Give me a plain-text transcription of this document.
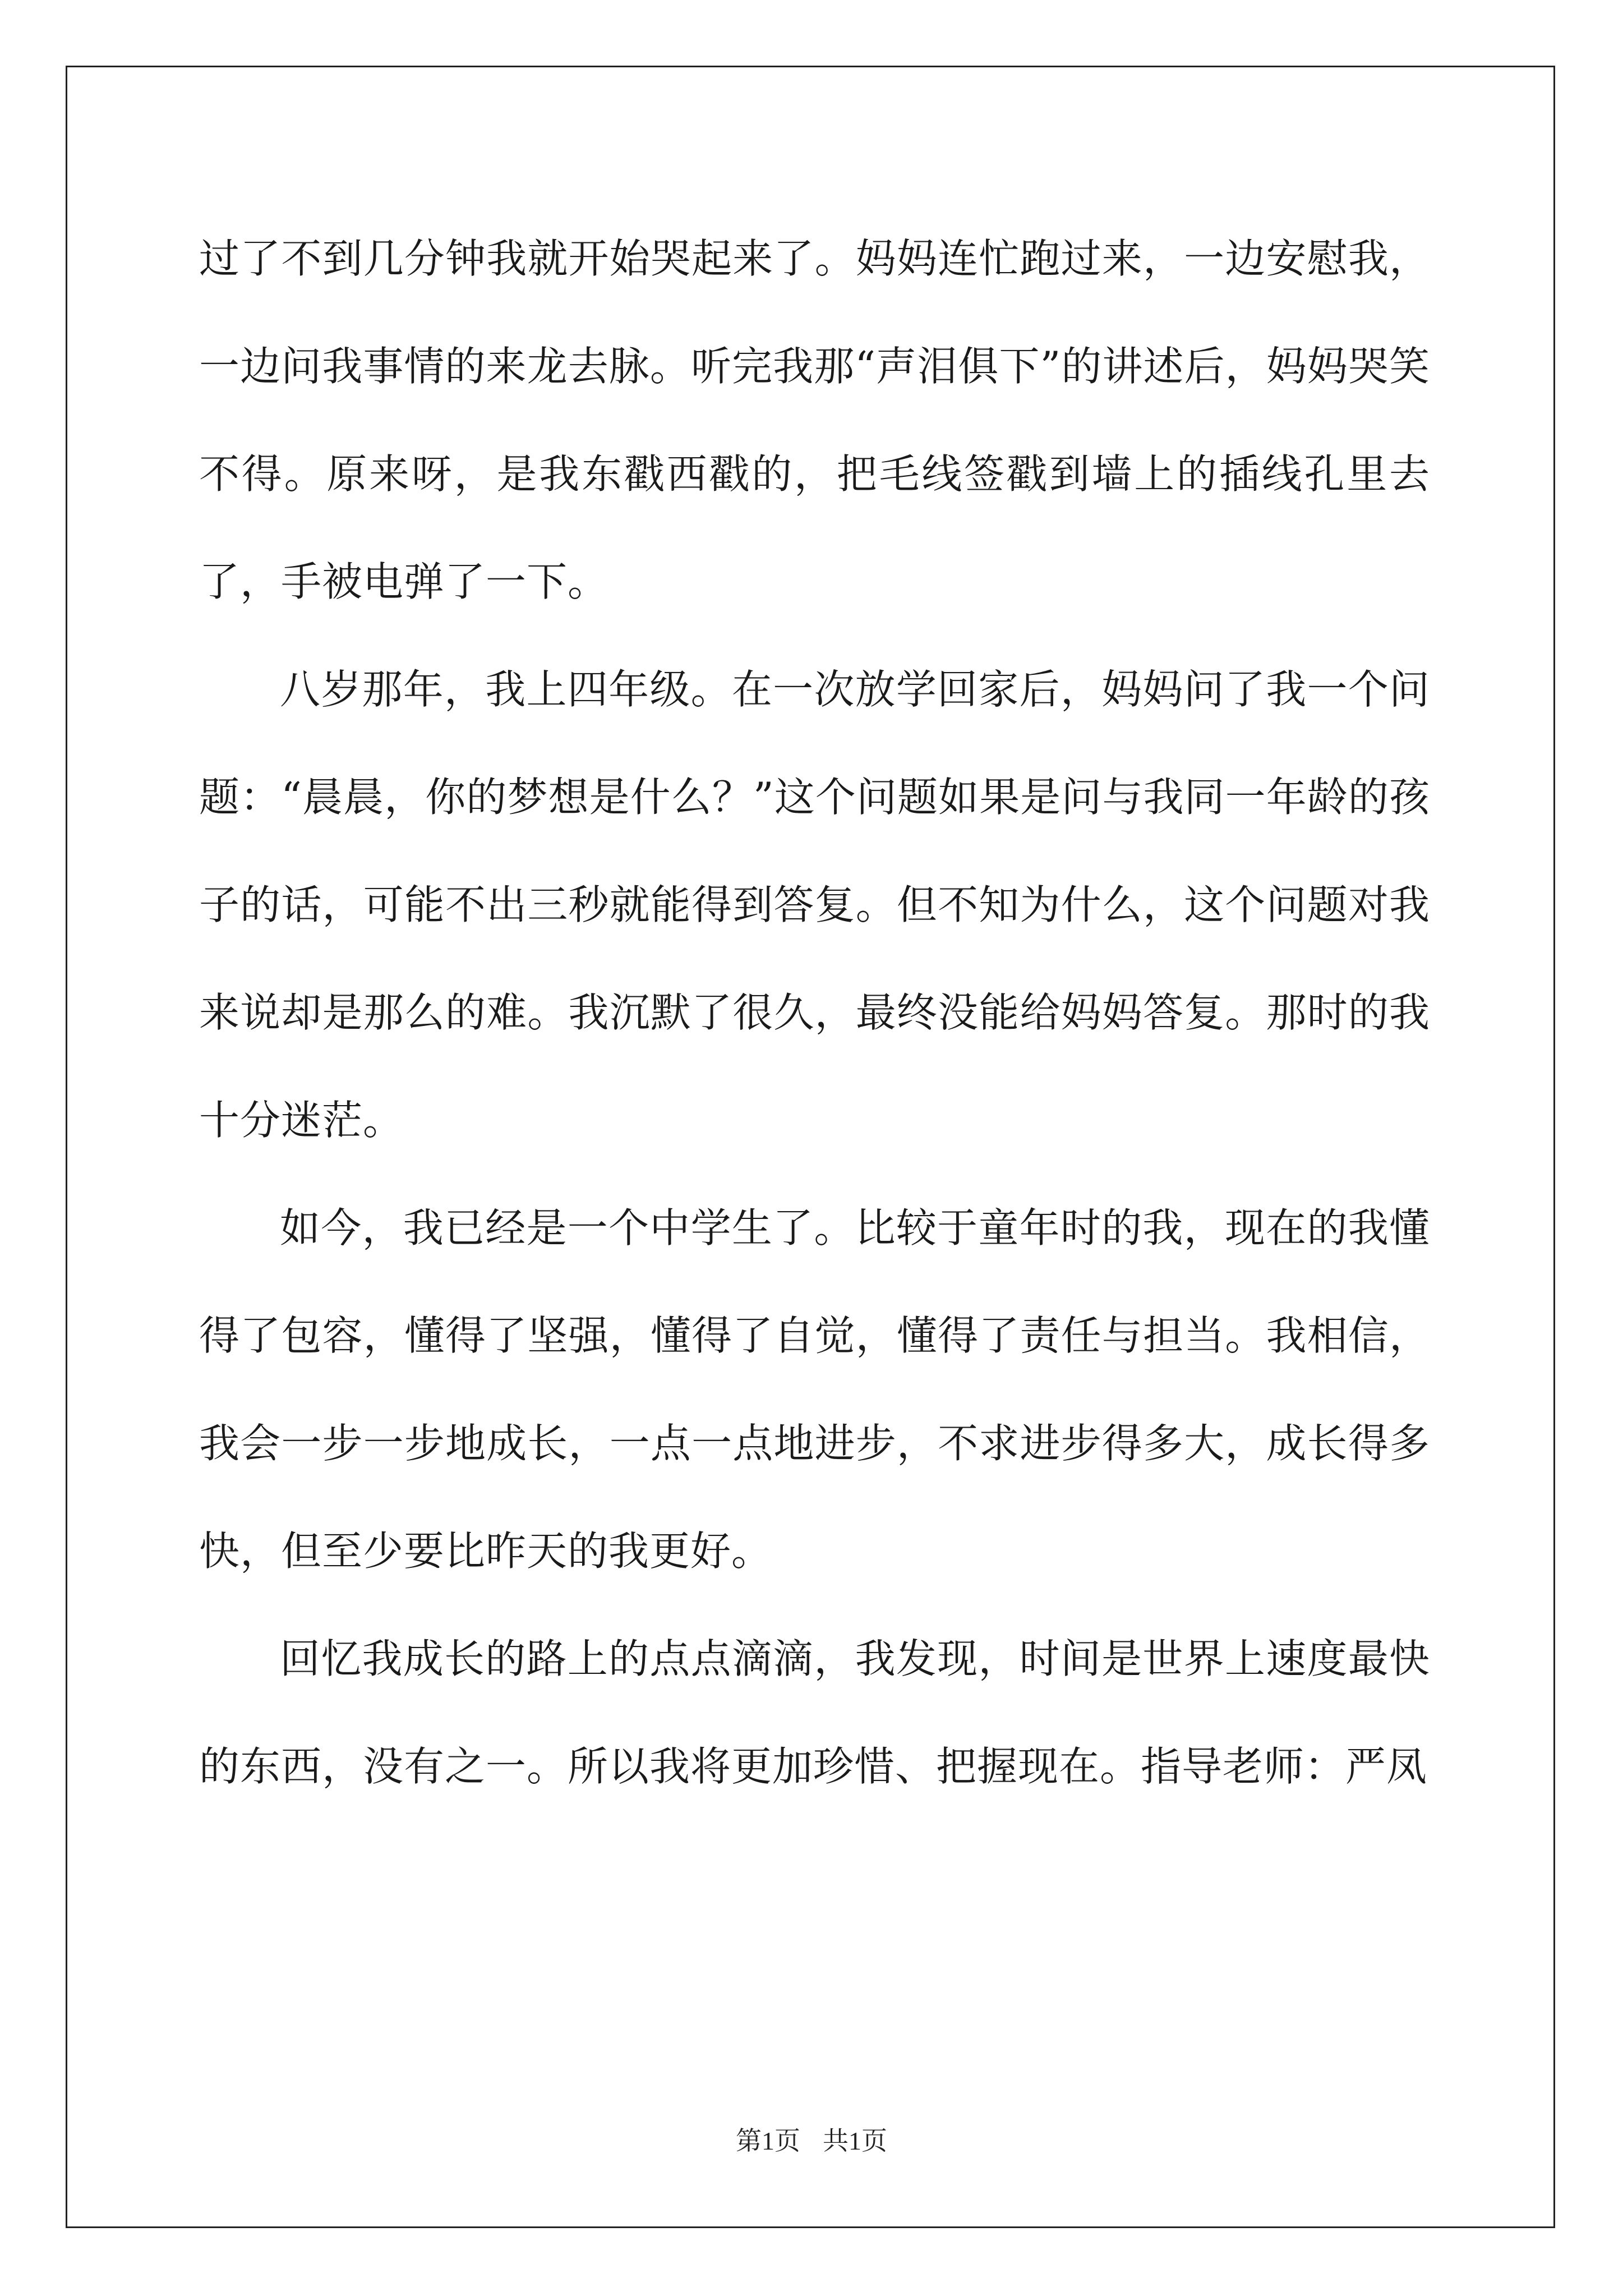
过了不到几分钟我就开始哭起来了。妈妈连忙跑过来，一边安慰我，一边问我事情的来龙去脉。听完我那“声泪俱下”的讲述后，妈妈哭笑不得。原来呀，是我东戳西戳的，把毛线签戳到墙上的插线孔里去了，手被电弹了一下。

八岁那年，我上四年级。在一次放学回家后，妈妈问了我一个问题：“晨晨，你的梦想是什么？”这个问题如果是问与我同一年龄的孩子的话，可能不出三秒就能得到答复。但不知为什么，这个问题对我来说却是那么的难。我沉默了很久，最终没能给妈妈答复。那时的我十分迷茫。

如今，我已经是一个中学生了。比较于童年时的我，现在的我懂得了包容，懂得了坚强，懂得了自觉，懂得了责任与担当。我相信，我会一步一步地成长，一点一点地进步，不求进步得多大，成长得多快，但至少要比昨天的我更好。

回忆我成长的路上的点点滴滴，我发现，时间是世界上速度最快的东西，没有之一。所以我将更加珍惜、把握现在。指导老师：严凤

第1页 共1页
